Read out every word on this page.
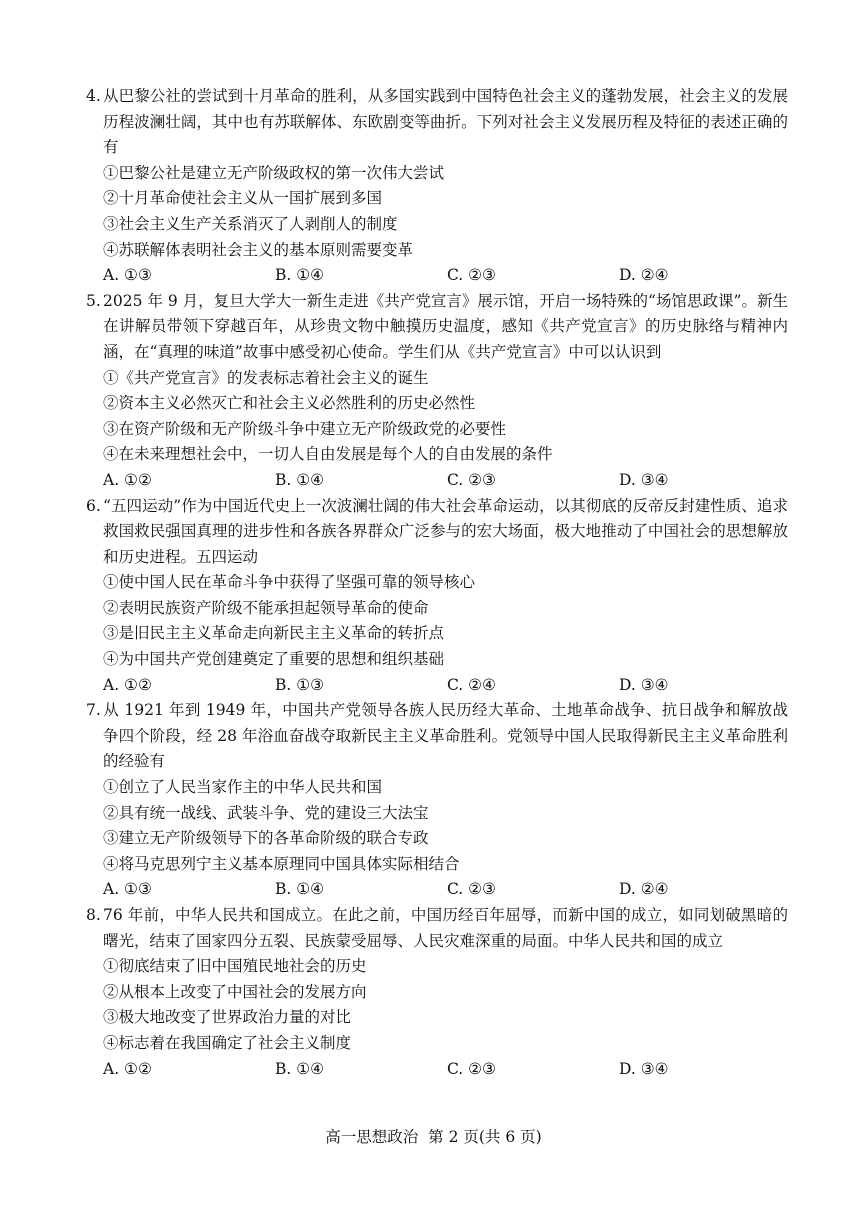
4. 从巴黎公社的尝试到十月革命的胜利，从多国实践到中国特色社会主义的蓬勃发展，社会主义的发展历程波澜壮阔，其中也有苏联解体、东欧剧变等曲折。下列对社会主义发展历程及特征的表述正确的有

①巴黎公社是建立无产阶级政权的第一次伟大尝试

②十月革命使社会主义从一国扩展到多国

③社会主义生产关系消灭了人剥削人的制度

④苏联解体表明社会主义的基本原则需要变革

A. ①③	B. ①④	C. ②③	D. ②④

5. 2025 年 9 月，复旦大学大一新生走进《共产党宣言》展示馆，开启一场特殊的“场馆思政课”。新生在讲解员带领下穿越百年，从珍贵文物中触摸历史温度，感知《共产党宣言》的历史脉络与精神内涵，在“真理的味道”故事中感受初心使命。学生们从《共产党宣言》中可以认识到

①《共产党宣言》的发表标志着社会主义的诞生

②资本主义必然灭亡和社会主义必然胜利的历史必然性

③在资产阶级和无产阶级斗争中建立无产阶级政党的必要性

④在未来理想社会中，一切人自由发展是每个人的自由发展的条件

A. ①②	B. ①④	C. ②③	D. ③④

6. “五四运动”作为中国近代史上一次波澜壮阔的伟大社会革命运动，以其彻底的反帝反封建性质、追求救国救民强国真理的进步性和各族各界群众广泛参与的宏大场面，极大地推动了中国社会的思想解放和历史进程。五四运动

①使中国人民在革命斗争中获得了坚强可靠的领导核心

②表明民族资产阶级不能承担起领导革命的使命

③是旧民主主义革命走向新民主主义革命的转折点

④为中国共产党创建奠定了重要的思想和组织基础

A. ①②	B. ①③	C. ②④	D. ③④

7. 从 1921 年到 1949 年，中国共产党领导各族人民历经大革命、土地革命战争、抗日战争和解放战争四个阶段，经 28 年浴血奋战夺取新民主主义革命胜利。党领导中国人民取得新民主主义革命胜利的经验有

①创立了人民当家作主的中华人民共和国

②具有统一战线、武装斗争、党的建设三大法宝

③建立无产阶级领导下的各革命阶级的联合专政

④将马克思列宁主义基本原理同中国具体实际相结合

A. ①③	B. ①④	C. ②③	D. ②④

8. 76 年前，中华人民共和国成立。在此之前，中国历经百年屈辱，而新中国的成立，如同划破黑暗的曙光，结束了国家四分五裂、民族蒙受屈辱、人民灾难深重的局面。中华人民共和国的成立

①彻底结束了旧中国殖民地社会的历史

②从根本上改变了中国社会的发展方向

③极大地改变了世界政治力量的对比

④标志着在我国确定了社会主义制度

A. ①②	B. ①④	C. ②③	D. ③④
高一思想政治  第 2 页(共 6 页)
